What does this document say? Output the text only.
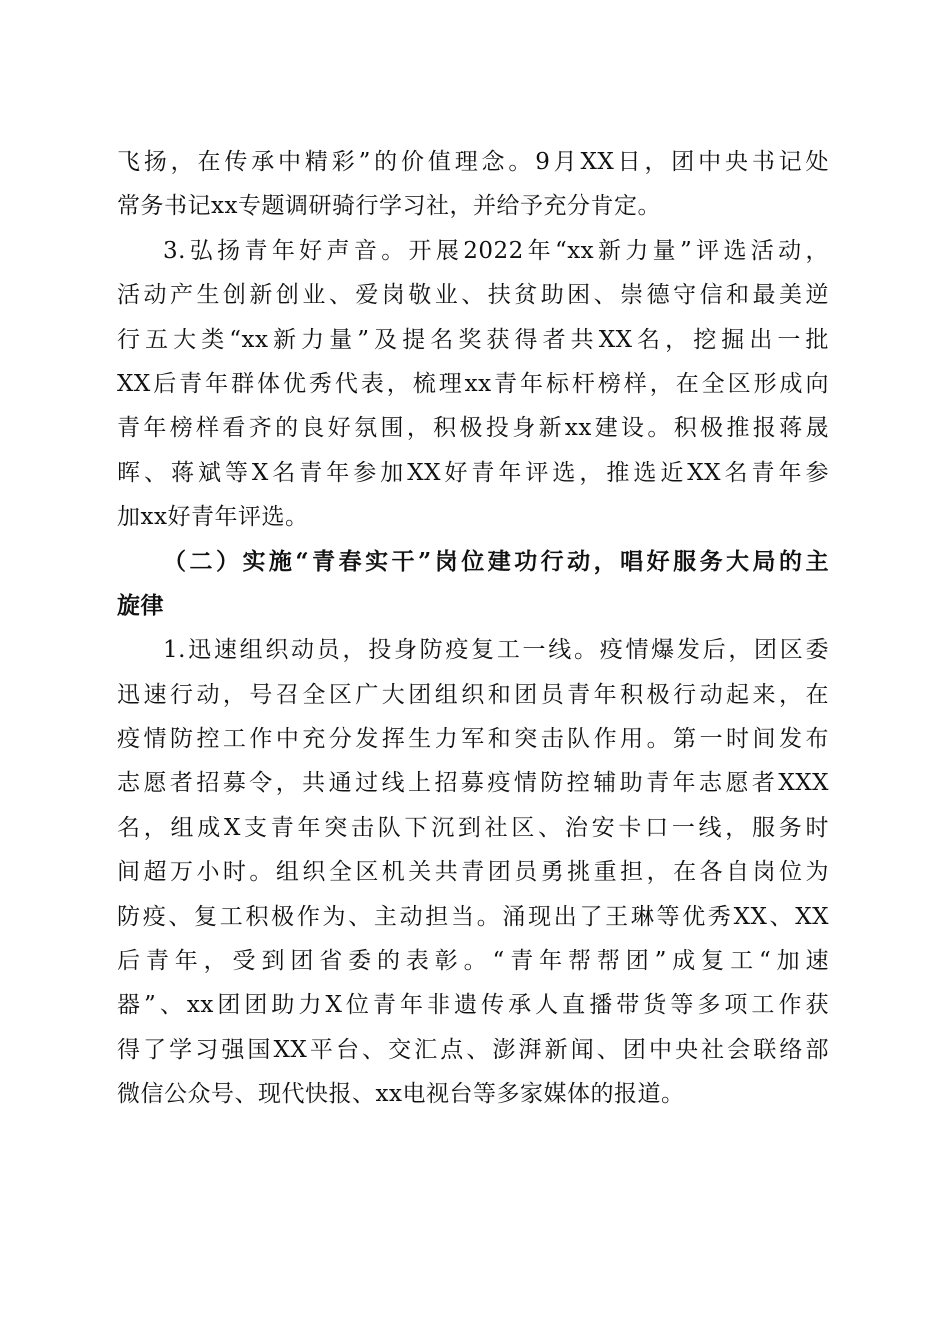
飞扬，在传承中精彩”的价值理念。9月XX日，团中央书记处
常务书记xx专题调研骑行学习社，并给予充分肯定。
3.弘扬青年好声音。开展2022年“xx新力量”评选活动，
活动产生创新创业、爱岗敬业、扶贫助困、崇德守信和最美逆
行五大类“xx新力量”及提名奖获得者共XX名，挖掘出一批
XX后青年群体优秀代表，梳理xx青年标杆榜样，在全区形成向
青年榜样看齐的良好氛围，积极投身新xx建设。积极推报蒋晟
晖、蒋斌等X名青年参加XX好青年评选，推选近XX名青年参
加xx好青年评选。
（二）实施“青春实干”岗位建功行动，唱好服务大局的主
旋律
1.迅速组织动员，投身防疫复工一线。疫情爆发后，团区委
迅速行动，号召全区广大团组织和团员青年积极行动起来，在
疫情防控工作中充分发挥生力军和突击队作用。第一时间发布
志愿者招募令，共通过线上招募疫情防控辅助青年志愿者XXX
名，组成X支青年突击队下沉到社区、治安卡口一线，服务时
间超万小时。组织全区机关共青团员勇挑重担，在各自岗位为
防疫、复工积极作为、主动担当。涌现出了王琳等优秀XX、XX
后青年，受到团省委的表彰。“青年帮帮团”成复工“加速
器”、xx团团助力X位青年非遗传承人直播带货等多项工作获
得了学习强国XX平台、交汇点、澎湃新闻、团中央社会联络部
微信公众号、现代快报、xx电视台等多家媒体的报道。
